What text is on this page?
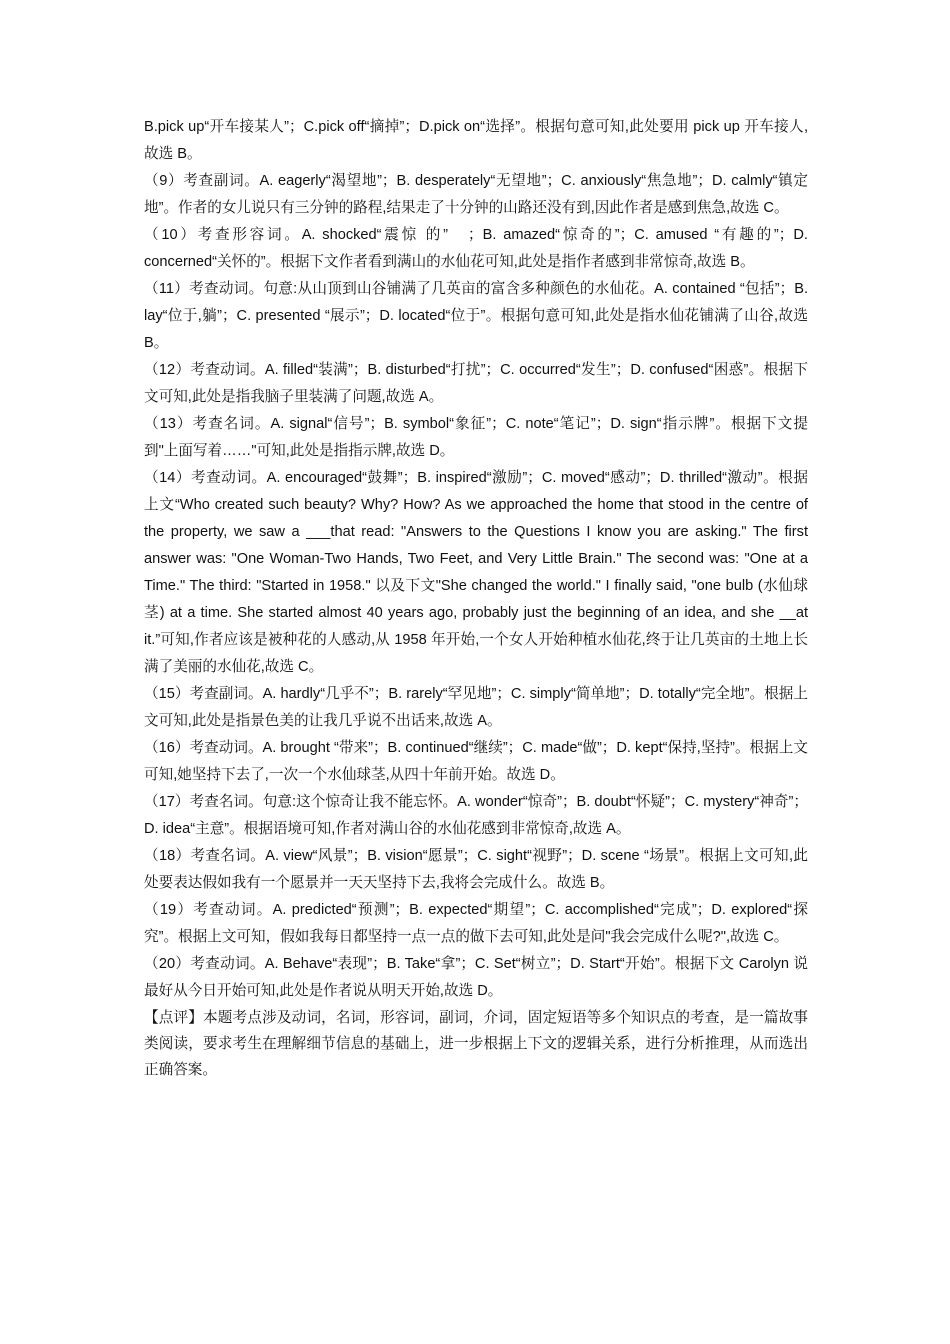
B.pick up“开车接某人”；C.pick off“摘掉”；D.pick on“选择”。根据句意可知,此处要用 pick up 开车接人,故选 B。

（9）考查副词。A. eagerly“渴望地”；B. desperately“无望地”；C. anxiously“焦急地”；D. calmly“镇定地”。作者的女儿说只有三分钟的路程,结果走了十分钟的山路还没有到,因此作者是感到焦急,故选 C。

（10）考查形容词。A. shocked“震惊 的”　；B. amazed“惊奇的”；C. amused “有趣的”；D. concerned“关怀的”。根据下文作者看到满山的水仙花可知,此处是指作者感到非常惊奇,故选 B。

（11）考查动词。句意:从山顶到山谷铺满了几英亩的富含多种颜色的水仙花。A. contained “包括”；B. lay“位于,躺”；C. presented “展示”；D. located“位于”。根据句意可知,此处是指水仙花铺满了山谷,故选 B。

（12）考查动词。A. filled“装满”；B. disturbed“打扰”；C. occurred“发生”；D. confused“困惑”。根据下文可知,此处是指我脑子里装满了问题,故选 A。

（13）考查名词。A. signal“信号”；B. symbol“象征”；C. note“笔记”；D. sign“指示牌”。根据下文提到"上面写着……"可知,此处是指指示牌,故选 D。

（14）考查动词。A. encouraged“鼓舞”；B. inspired“激励”；C. moved“感动”；D. thrilled“激动”。根据上文“Who created such beauty? Why? How? As we approached the home that stood in the centre of the property, we saw a ___that read: "Answers to the Questions I know you are asking." The first answer was: "One Woman-Two Hands, Two Feet, and Very Little Brain." The second was: "One at a Time." The third: "Started in 1958." 以及下文"She changed the world." I finally said, "one bulb (水仙球茎) at a time. She started almost 40 years ago, probably just the beginning of an idea, and she __at it.”可知,作者应该是被种花的人感动,从 1958 年开始,一个女人开始种植水仙花,终于让几英亩的土地上长满了美丽的水仙花,故选 C。

（15）考查副词。A. hardly“几乎不”；B. rarely“罕见地”；C. simply“简单地”；D. totally“完全地”。根据上文可知,此处是指景色美的让我几乎说不出话来,故选 A。

（16）考查动词。A. brought “带来”；B. continued“继续”；C. made“做”；D. kept“保持,坚持”。根据上文可知,她坚持下去了,一次一个水仙球茎,从四十年前开始。故选 D。

（17）考查名词。句意:这个惊奇让我不能忘怀。A. wonder“惊奇”；B. doubt“怀疑”；C. mystery“神奇”；D. idea“主意”。根据语境可知,作者对满山谷的水仙花感到非常惊奇,故选 A。

（18）考查名词。A. view“风景”；B. vision“愿景”；C. sight“视野”；D. scene “场景”。根据上文可知,此处要表达假如我有一个愿景并一天天坚持下去,我将会完成什么。故选 B。

（19）考查动词。A. predicted“预测”；B. expected“期望”；C. accomplished“完成”；D. explored“探究”。根据上文可知，假如我每日都坚持一点一点的做下去可知,此处是问"我会完成什么呢?",故选 C。

（20）考查动词。A. Behave“表现”；B. Take“拿”；C. Set“树立”；D. Start“开始”。根据下文 Carolyn 说最好从今日开始可知,此处是作者说从明天开始,故选 D。

【点评】本题考点涉及动词，名词，形容词，副词，介词，固定短语等多个知识点的考查，是一篇故事类阅读，要求考生在理解细节信息的基础上，进一步根据上下文的逻辑关系，进行分析推理，从而选出正确答案。
